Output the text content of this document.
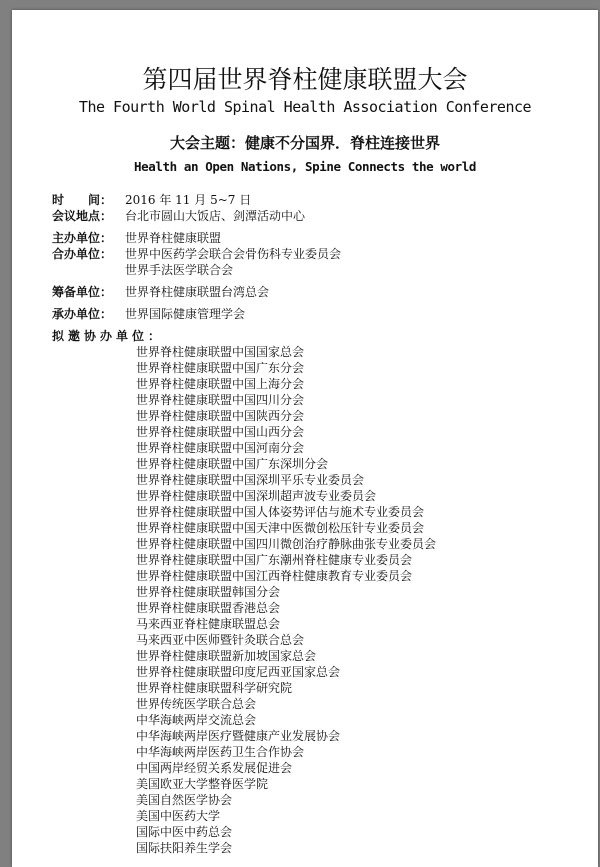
第四届世界脊柱健康联盟大会
The Fourth World Spinal Health Association Conference
大会主题：健康不分国界．脊柱连接世界
Health an Open Nations, Spine Connects the world
时　　间：	2016 年 11 月 5~7 日
会议地点：	台北市圆山大饭店、剑潭活动中心
主办单位：	世界脊柱健康联盟
合办单位：	世界中医药学会联合会骨伤科专业委员会
世界手法医学联合会
筹备单位：	世界脊柱健康联盟台湾总会
承办单位：	世界国际健康管理学会
拟邀协办单位：
世界脊柱健康联盟中国国家总会
世界脊柱健康联盟中国广东分会
世界脊柱健康联盟中国上海分会
世界脊柱健康联盟中国四川分会
世界脊柱健康联盟中国陕西分会
世界脊柱健康联盟中国山西分会
世界脊柱健康联盟中国河南分会
世界脊柱健康联盟中国广东深圳分会
世界脊柱健康联盟中国深圳平乐专业委员会
世界脊柱健康联盟中国深圳超声波专业委员会
世界脊柱健康联盟中国人体姿势评估与施术专业委员会
世界脊柱健康联盟中国天津中医微创松压针专业委员会
世界脊柱健康联盟中国四川微创治疗静脉曲张专业委员会
世界脊柱健康联盟中国广东潮州脊柱健康专业委员会
世界脊柱健康联盟中国江西脊柱健康教育专业委员会
世界脊柱健康联盟韩国分会
世界脊柱健康联盟香港总会
马来西亚脊柱健康联盟总会
马来西亚中医师暨针灸联合总会
世界脊柱健康联盟新加坡国家总会
世界脊柱健康联盟印度尼西亚国家总会
世界脊柱健康联盟科学研究院
世界传统医学联合总会
中华海峡两岸交流总会
中华海峡两岸医疗暨健康产业发展协会
中华海峡两岸医药卫生合作协会
中国两岸经贸关系发展促进会
美国欧亚大学整脊医学院
美国自然医学协会
美国中医药大学
国际中医中药总会
国际扶阳养生学会
